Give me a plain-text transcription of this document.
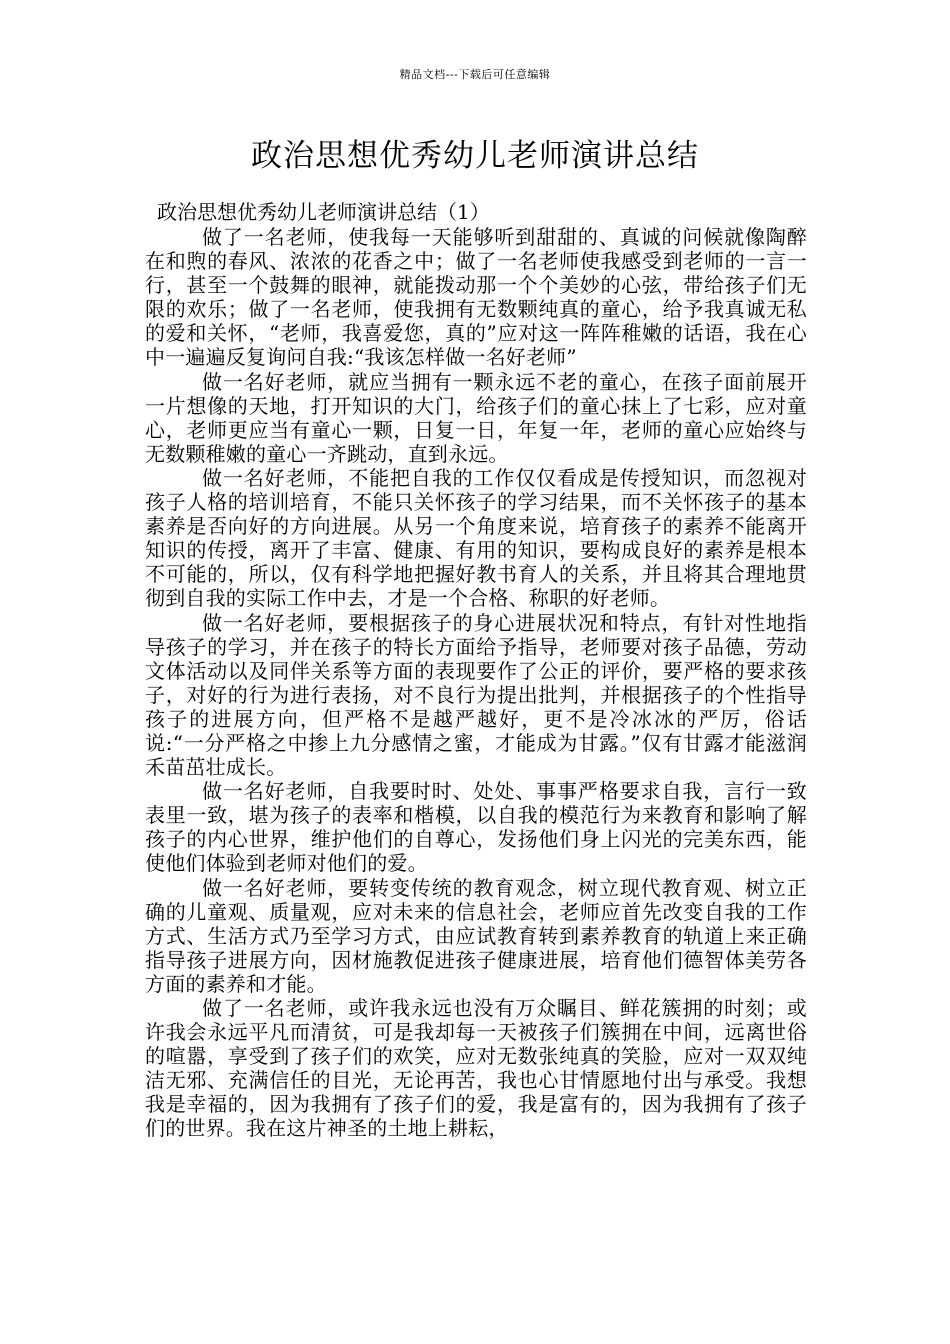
精品文档---下载后可任意编辑
政治思想优秀幼儿老师演讲总结

政治思想优秀幼儿老师演讲总结（1）

做了一名老师，使我每一天能够听到甜甜的、真诚的问候就像陶醉在和煦的春风、浓浓的花香之中；做了一名老师使我感受到老师的一言一行，甚至一个鼓舞的眼神，就能拨动那一个个美妙的心弦，带给孩子们无限的欢乐；做了一名老师，使我拥有无数颗纯真的童心，给予我真诚无私的爱和关怀，“老师，我喜爱您，真的”应对这一阵阵稚嫩的话语，我在心中一遍遍反复询问自我:“我该怎样做一名好老师”

做一名好老师，就应当拥有一颗永远不老的童心，在孩子面前展开一片想像的天地，打开知识的大门，给孩子们的童心抹上了七彩，应对童心，老师更应当有童心一颗，日复一日，年复一年，老师的童心应始终与无数颗稚嫩的童心一齐跳动，直到永远。

做一名好老师，不能把自我的工作仅仅看成是传授知识，而忽视对孩子人格的培训培育，不能只关怀孩子的学习结果，而不关怀孩子的基本素养是否向好的方向进展。从另一个角度来说，培育孩子的素养不能离开知识的传授，离开了丰富、健康、有用的知识，要构成良好的素养是根本不可能的，所以，仅有科学地把握好教书育人的关系，并且将其合理地贯彻到自我的实际工作中去，才是一个合格、称职的好老师。

做一名好老师，要根据孩子的身心进展状况和特点，有针对性地指导孩子的学习，并在孩子的特长方面给予指导，老师要对孩子品德，劳动文体活动以及同伴关系等方面的表现要作了公正的评价，要严格的要求孩子，对好的行为进行表扬，对不良行为提出批判，并根据孩子的个性指导孩子的进展方向，但严格不是越严越好，更不是冷冰冰的严厉，俗话说:“一分严格之中掺上九分感情之蜜，才能成为甘露。”仅有甘露才能滋润禾苗茁壮成长。

做一名好老师，自我要时时、处处、事事严格要求自我，言行一致表里一致，堪为孩子的表率和楷模，以自我的模范行为来教育和影响了解孩子的内心世界，维护他们的自尊心，发扬他们身上闪光的完美东西，能使他们体验到老师对他们的爱。

做一名好老师，要转变传统的教育观念，树立现代教育观、树立正确的儿童观、质量观，应对未来的信息社会，老师应首先改变自我的工作方式、生活方式乃至学习方式，由应试教育转到素养教育的轨道上来正确指导孩子进展方向，因材施教促进孩子健康进展，培育他们德智体美劳各方面的素养和才能。

做了一名老师，或许我永远也没有万众瞩目、鲜花簇拥的时刻；或许我会永远平凡而清贫，可是我却每一天被孩子们簇拥在中间，远离世俗的喧嚣，享受到了孩子们的欢笑，应对无数张纯真的笑脸，应对一双双纯洁无邪、充满信任的目光，无论再苦，我也心甘情愿地付出与承受。我想我是幸福的，因为我拥有了孩子们的爱，我是富有的，因为我拥有了孩子们的世界。我在这片神圣的土地上耕耘，
